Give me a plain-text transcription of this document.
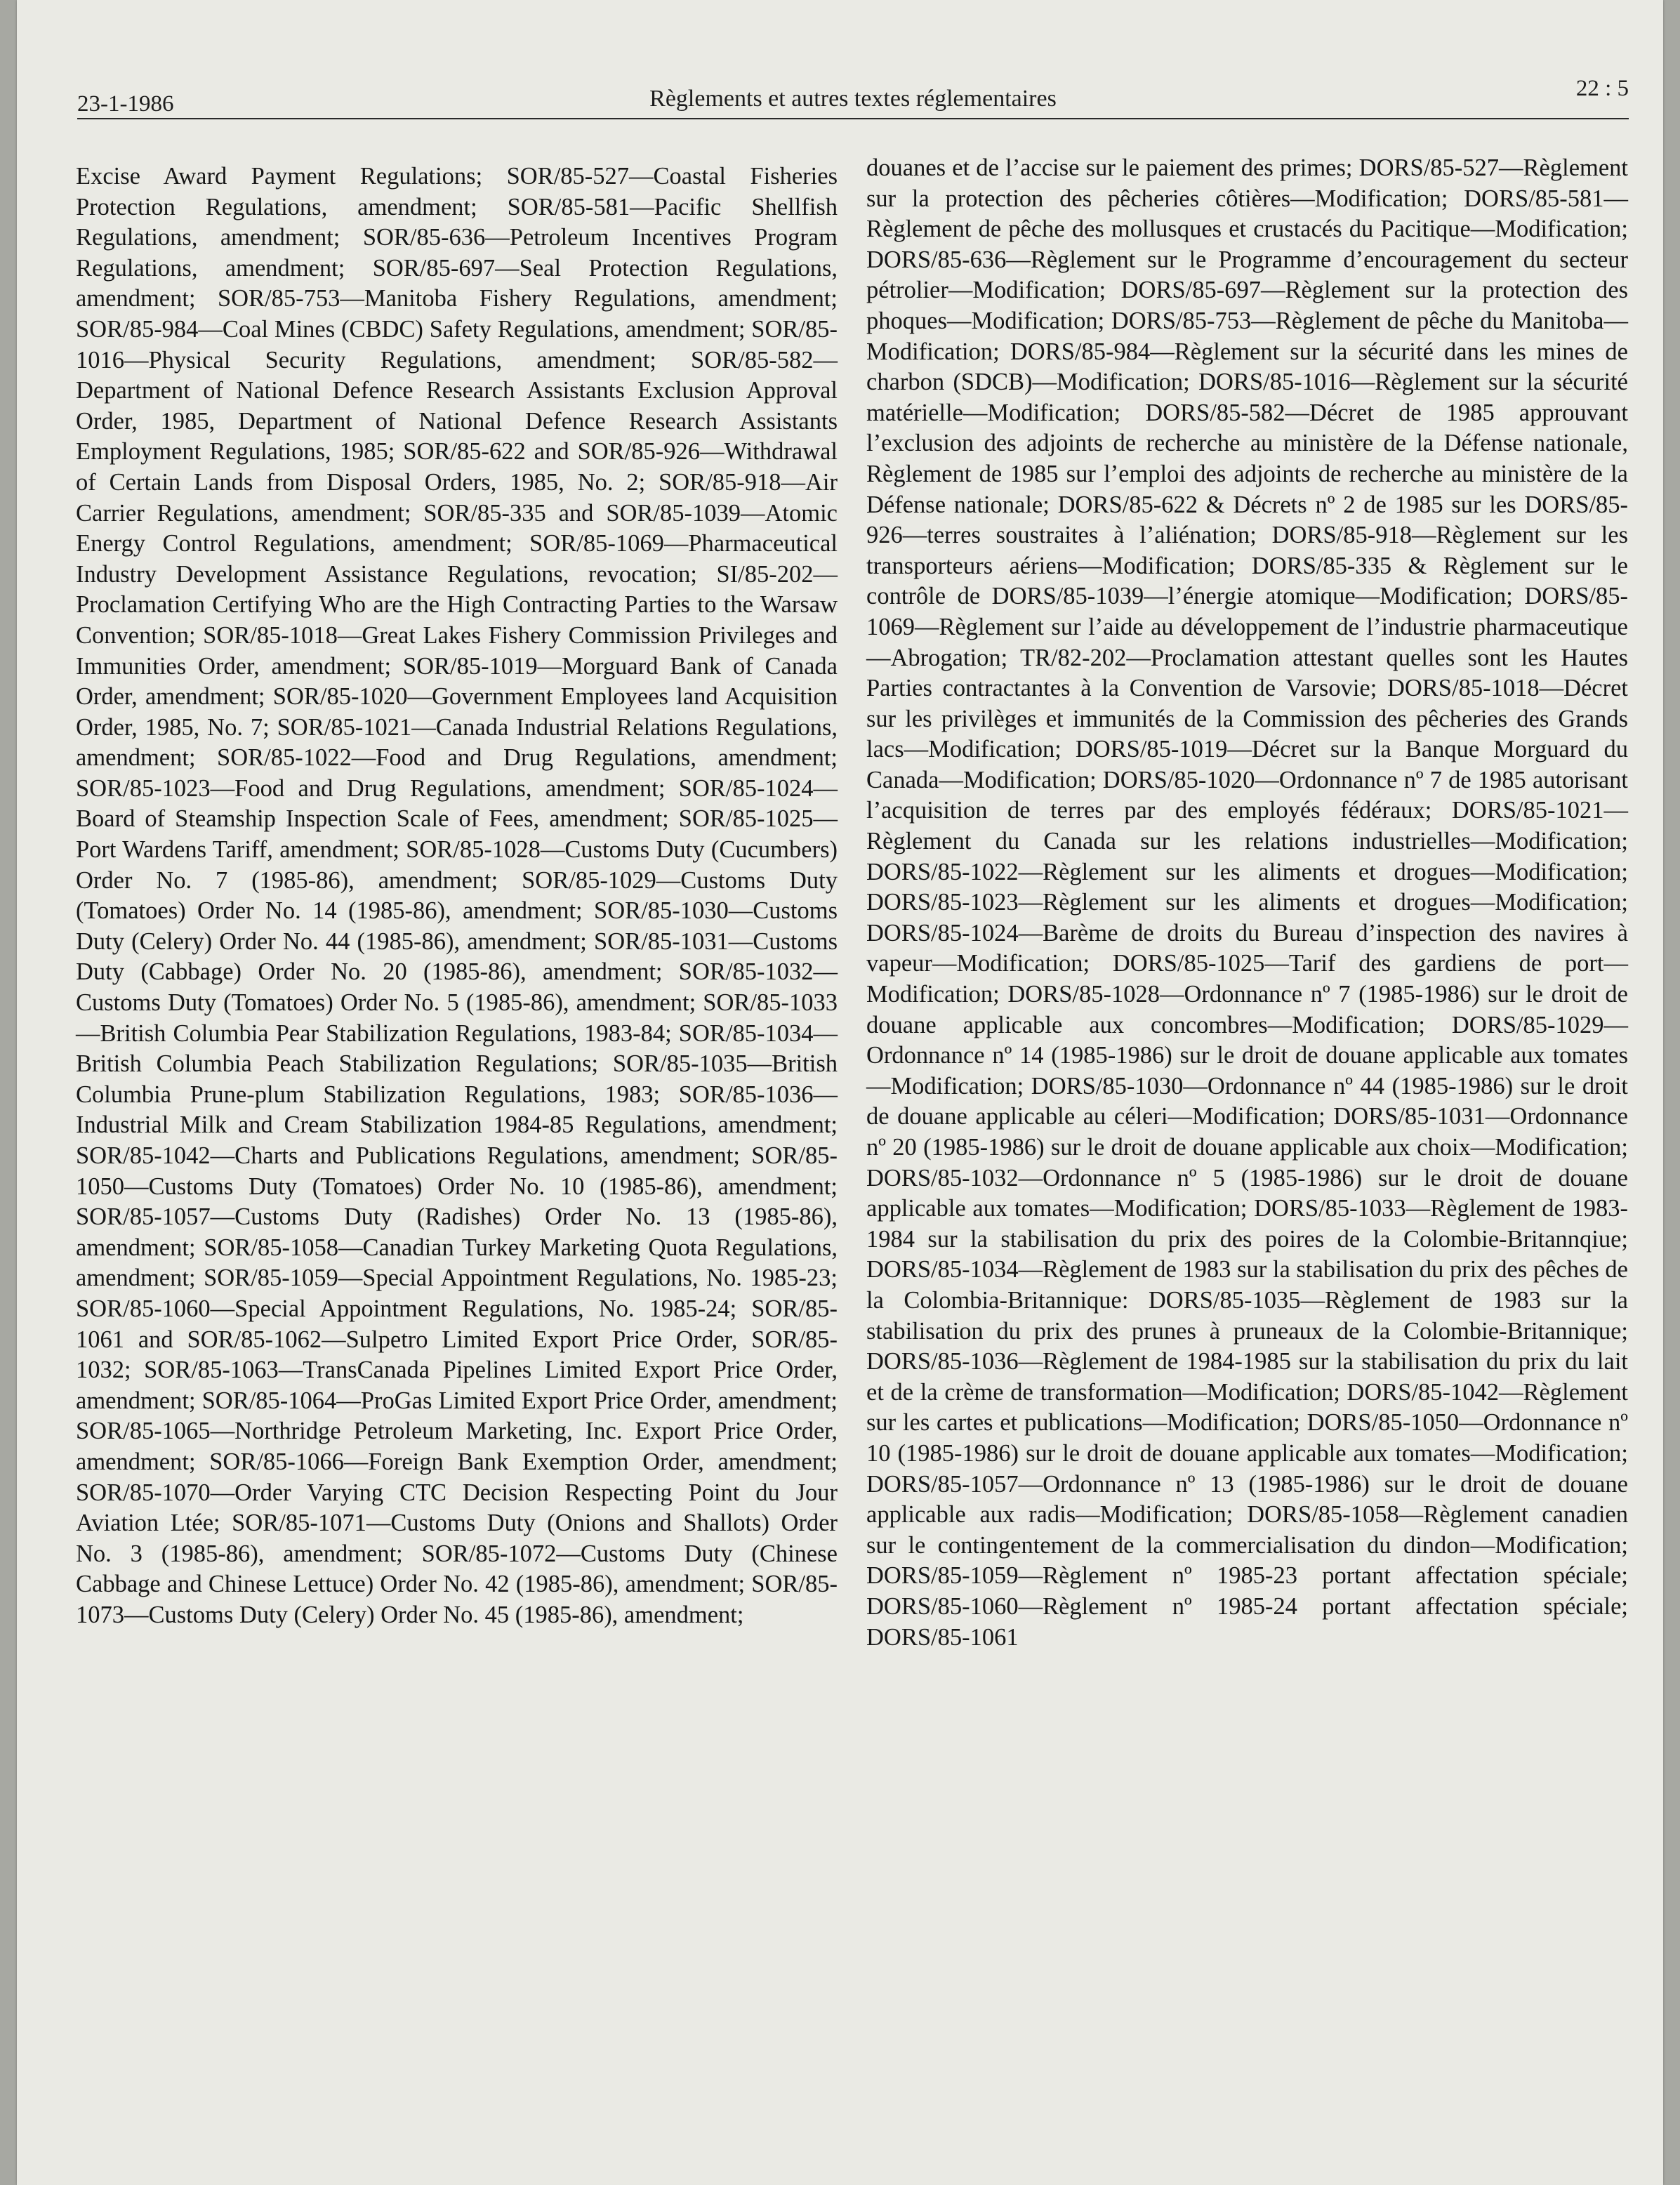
23-1-1986	Règlements et autres textes réglementaires	22 : 5

Excise Award Payment Regulations; SOR/85-527—Coastal Fisheries Protection Regulations, amendment; SOR/85-581—Pacific Shellfish Regulations, amendment; SOR/85-636—Petroleum Incentives Program Regulations, amendment; SOR/85-697—Seal Protection Regulations, amendment; SOR/85-753—Manitoba Fishery Regulations, amendment; SOR/85-984—Coal Mines (CBDC) Safety Regulations, amendment; SOR/85-1016—Physical Security Regulations, amendment; SOR/85-582—Department of National Defence Research Assistants Exclusion Approval Order, 1985, Department of National Defence Research Assistants Employment Regulations, 1985; SOR/85-622 and SOR/85-926—Withdrawal of Certain Lands from Disposal Orders, 1985, No. 2; SOR/85-918—Air Carrier Regulations, amendment; SOR/85-335 and SOR/85-1039—Atomic Energy Control Regulations, amendment; SOR/85-1069—Pharmaceutical Industry Development Assistance Regulations, revocation; SI/85-202—Proclamation Certifying Who are the High Contracting Parties to the Warsaw Convention; SOR/85-1018—Great Lakes Fishery Commission Privileges and Immunities Order, amendment; SOR/85-1019—Morguard Bank of Canada Order, amendment; SOR/85-1020—Government Employees land Acquisition Order, 1985, No. 7; SOR/85-1021—Canada Industrial Relations Regulations, amendment; SOR/85-1022—Food and Drug Regulations, amendment; SOR/85-1023—Food and Drug Regulations, amendment; SOR/85-1024—Board of Steamship Inspection Scale of Fees, amendment; SOR/85-1025—Port Wardens Tariff, amendment; SOR/85-1028—Customs Duty (Cucumbers) Order No. 7 (1985-86), amendment; SOR/85-1029—Customs Duty (Tomatoes) Order No. 14 (1985-86), amendment; SOR/85-1030—Customs Duty (Celery) Order No. 44 (1985-86), amendment; SOR/85-1031—Customs Duty (Cabbage) Order No. 20 (1985-86), amendment; SOR/85-1032—Customs Duty (Tomatoes) Order No. 5 (1985-86), amendment; SOR/85-1033—British Columbia Pear Stabilization Regulations, 1983-84; SOR/85-1034—British Columbia Peach Stabilization Regulations; SOR/85-1035—British Columbia Prune-plum Stabilization Regulations, 1983; SOR/85-1036—Industrial Milk and Cream Stabilization 1984-85 Regulations, amendment; SOR/85-1042—Charts and Publications Regulations, amendment; SOR/85-1050—Customs Duty (Tomatoes) Order No. 10 (1985-86), amendment; SOR/85-1057—Customs Duty (Radishes) Order No. 13 (1985-86), amendment; SOR/85-1058—Canadian Turkey Marketing Quota Regulations, amendment; SOR/85-1059—Special Appointment Regulations, No. 1985-23; SOR/85-1060—Special Appointment Regulations, No. 1985-24; SOR/85-1061 and SOR/85-1062—Sulpetro Limited Export Price Order, SOR/85-1032; SOR/85-1063—TransCanada Pipelines Limited Export Price Order, amendment; SOR/85-1064—ProGas Limited Export Price Order, amendment; SOR/85-1065—Northridge Petroleum Marketing, Inc. Export Price Order, amendment; SOR/85-1066—Foreign Bank Exemption Order, amendment; SOR/85-1070—Order Varying CTC Decision Respecting Point du Jour Aviation Ltée; SOR/85-1071—Customs Duty (Onions and Shallots) Order No. 3 (1985-86), amendment; SOR/85-1072—Customs Duty (Chinese Cabbage and Chinese Lettuce) Order No. 42 (1985-86), amendment; SOR/85-1073—Customs Duty (Celery) Order No. 45 (1985-86), amendment;

douanes et de l’accise sur le paiement des primes; DORS/85-527—Règlement sur la protection des pêcheries côtières—Modification; DORS/85-581—Règlement de pêche des mollusques et crustacés du Pacitique—Modification; DORS/85-636—Règlement sur le Programme d’encouragement du secteur pétrolier—Modification; DORS/85-697—Règlement sur la protection des phoques—Modification; DORS/85-753—Règlement de pêche du Manitoba—Modification; DORS/85-984—Règlement sur la sécurité dans les mines de charbon (SDCB)—Modification; DORS/85-1016—Règlement sur la sécurité matérielle—Modification; DORS/85-582—Décret de 1985 approuvant l’exclusion des adjoints de recherche au ministère de la Défense nationale, Règlement de 1985 sur l’emploi des adjoints de recherche au ministère de la Défense nationale; DORS/85-622 & Décrets nº 2 de 1985 sur les DORS/85-926—terres soustraites à l’aliénation; DORS/85-918—Règlement sur les transporteurs aériens—Modification; DORS/85-335 & Règlement sur le contrôle de DORS/85-1039—l’énergie atomique—Modification; DORS/85-1069—Règlement sur l’aide au développement de l’industrie pharmaceutique—Abrogation; TR/82-202—Proclamation attestant quelles sont les Hautes Parties contractantes à la Convention de Varsovie; DORS/85-1018—Décret sur les privilèges et immunités de la Commission des pêcheries des Grands lacs—Modification; DORS/85-1019—Décret sur la Banque Morguard du Canada—Modification; DORS/85-1020—Ordonnance nº 7 de 1985 autorisant l’acquisition de terres par des employés fédéraux; DORS/85-1021—Règlement du Canada sur les relations industrielles—Modification; DORS/85-1022—Règlement sur les aliments et drogues—Modification; DORS/85-1023—Règlement sur les aliments et drogues—Modification; DORS/85-1024—Barème de droits du Bureau d’inspection des navires à vapeur—Modification; DORS/85-1025—Tarif des gardiens de port—Modification; DORS/85-1028—Ordonnance nº 7 (1985-1986) sur le droit de douane applicable aux concombres—Modification; DORS/85-1029—Ordonnance nº 14 (1985-1986) sur le droit de douane applicable aux tomates—Modification; DORS/85-1030—Ordonnance nº 44 (1985-1986) sur le droit de douane applicable au céleri—Modification; DORS/85-1031—Ordonnance nº 20 (1985-1986) sur le droit de douane applicable aux choix—Modification; DORS/85-1032—Ordonnance nº 5 (1985-1986) sur le droit de douane applicable aux tomates—Modification; DORS/85-1033—Règlement de 1983-1984 sur la stabilisation du prix des poires de la Colombie-Britannqiue; DORS/85-1034—Règlement de 1983 sur la stabilisation du prix des pêches de la Colombia-Britannique: DORS/85-1035—Règlement de 1983 sur la stabilisation du prix des prunes à pruneaux de la Colombie-Britannique; DORS/85-1036—Règlement de 1984-1985 sur la stabilisation du prix du lait et de la crème de transformation—Modification; DORS/85-1042—Règlement sur les cartes et publications—Modification; DORS/85-1050—Ordonnance nº 10 (1985-1986) sur le droit de douane applicable aux tomates—Modification; DORS/85-1057—Ordonnance nº 13 (1985-1986) sur le droit de douane applicable aux radis—Modification; DORS/85-1058—Règlement canadien sur le contingentement de la commercialisation du dindon—Modification; DORS/85-1059—Règlement nº 1985-23 portant affectation spéciale; DORS/85-1060—Règlement nº 1985-24 portant affectation spéciale; DORS/85-1061
